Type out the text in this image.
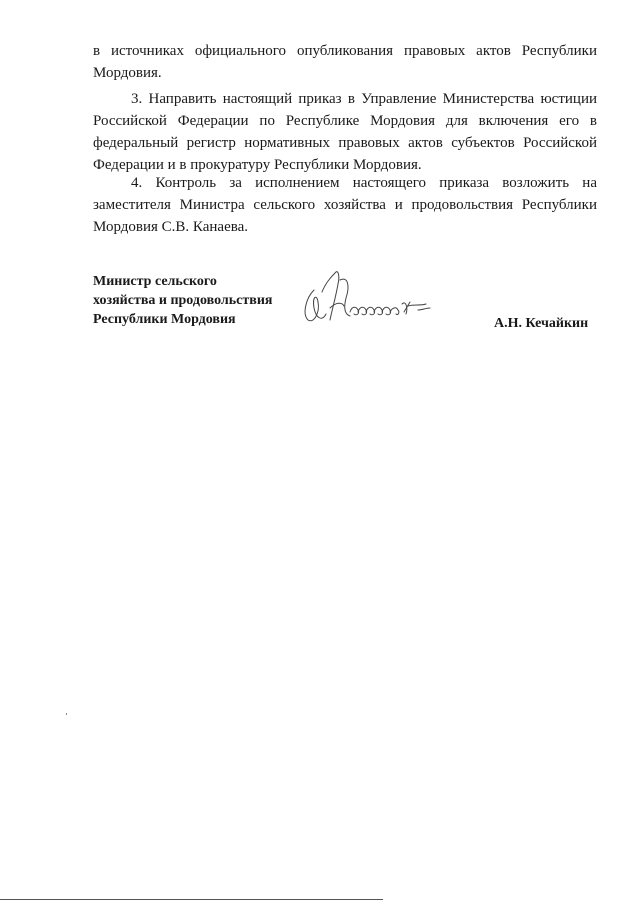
в источниках официального опубликования правовых актов Республики
Мордовия.
3. Направить настоящий приказ в Управление Министерства юстиции
Российской Федерации по Республике Мордовия для включения его в
федеральный регистр нормативных правовых актов субъектов Российской
Федерации и в прокуратуру Республики Мордовия.
4. Контроль за исполнением настоящего приказа возложить на
заместителя Министра сельского хозяйства и продовольствия Республики
Мордовия С.В. Канаева.
Министр сельского
хозяйства и продовольствия
Республики Мордовия	А.Н. Кечайкин
